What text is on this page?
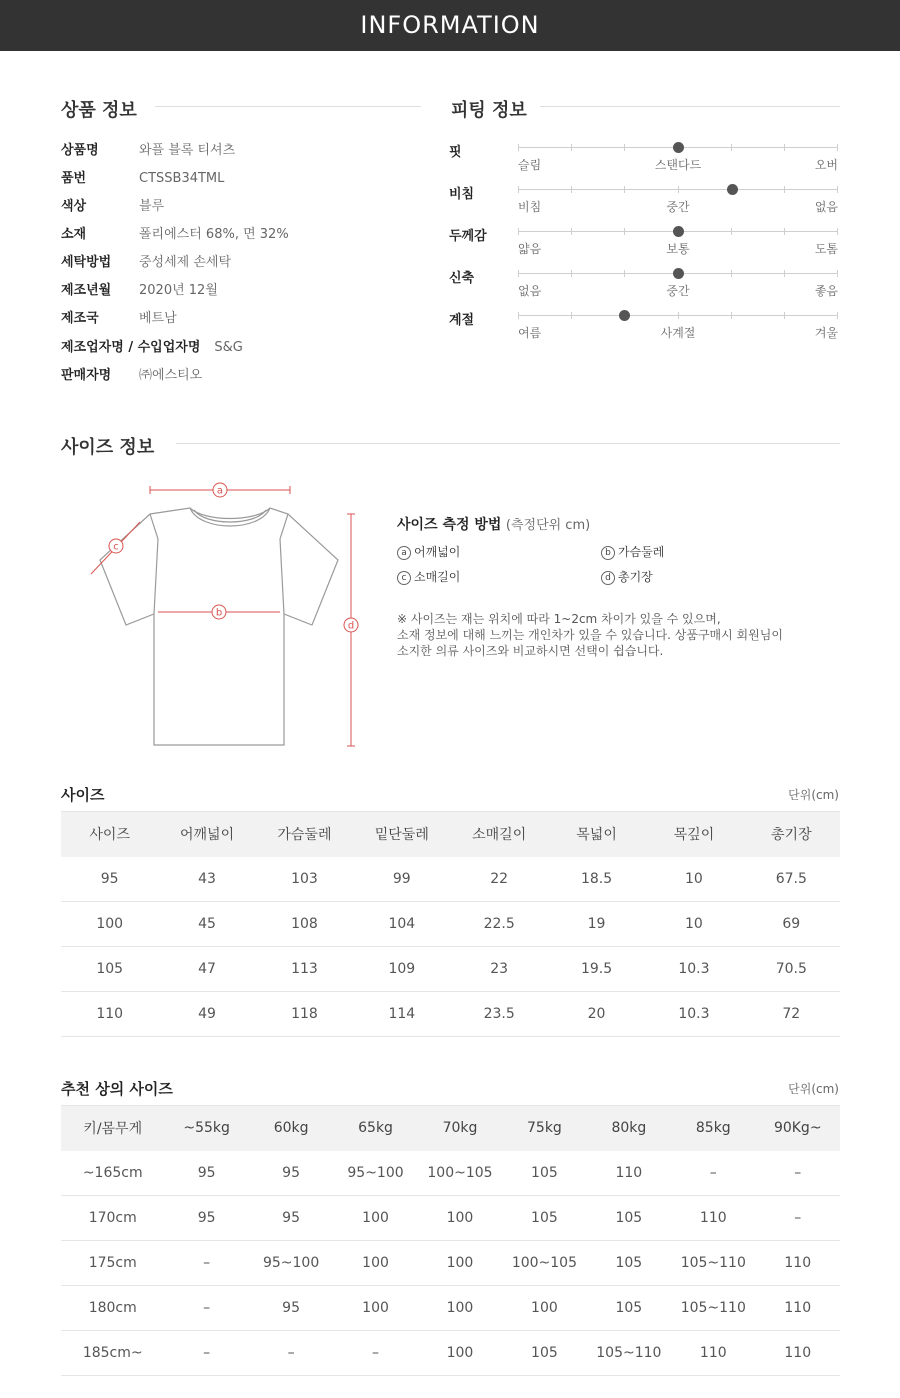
INFORMATION
상품 정보
상품명	와플 블록 티셔츠
품번	CTSSB34TML
색상	블루
소재	폴리에스터 68%, 면 32%
세탁방법 중성세제 손세탁
제조년월 2020년 12월
제조국	베트남
제조업자명 / 수입업자명 S&G
판매자명 ㈜에스티오
피팅 정보
핏
슬림	스탠다드	오버
비침
비침	중간	없음
두께감
얇음	보통	도톰
신축
없음	중간	좋음
계절
여름	사계절	겨울
사이즈 정보
a
b
c
d
사이즈 측정 방법 (측정단위 cm)
a 어깨넓이	b 가슴둘레
c 소매길이	d 총기장
※ 사이즈는 재는 위치에 따라 1~2cm 차이가 있을 수 있으며,
소재 정보에 대해 느끼는 개인차가 있을 수 있습니다. 상품구매시 회원님이
소지한 의류 사이즈와 비교하시면 선택이 쉽습니다.
사이즈	단위(cm)
사이즈	어깨넓이	가슴둘레	밑단둘레	소매길이	목넓이	목깊이	총기장
95	43	103	99	22	18.5	10	67.5
100	45	108	104	22.5	19	10	69
105	47	113	109	23	19.5	10.3	70.5
110	49	118	114	23.5	20	10.3	72
추천 상의 사이즈	단위(cm)
키/몸무게	~55kg	60kg	65kg	70kg	75kg	80kg	85kg	90Kg~
~165cm	95	95	95~100	100~105	105	110	–	–
170cm	95	95	100	100	105	105	110	–
175cm	–	95~100	100	100	100~105	105	105~110	110
180cm	–	95	100	100	100	105	105~110	110
185cm~	–	–	–	100	105	105~110	110	110
